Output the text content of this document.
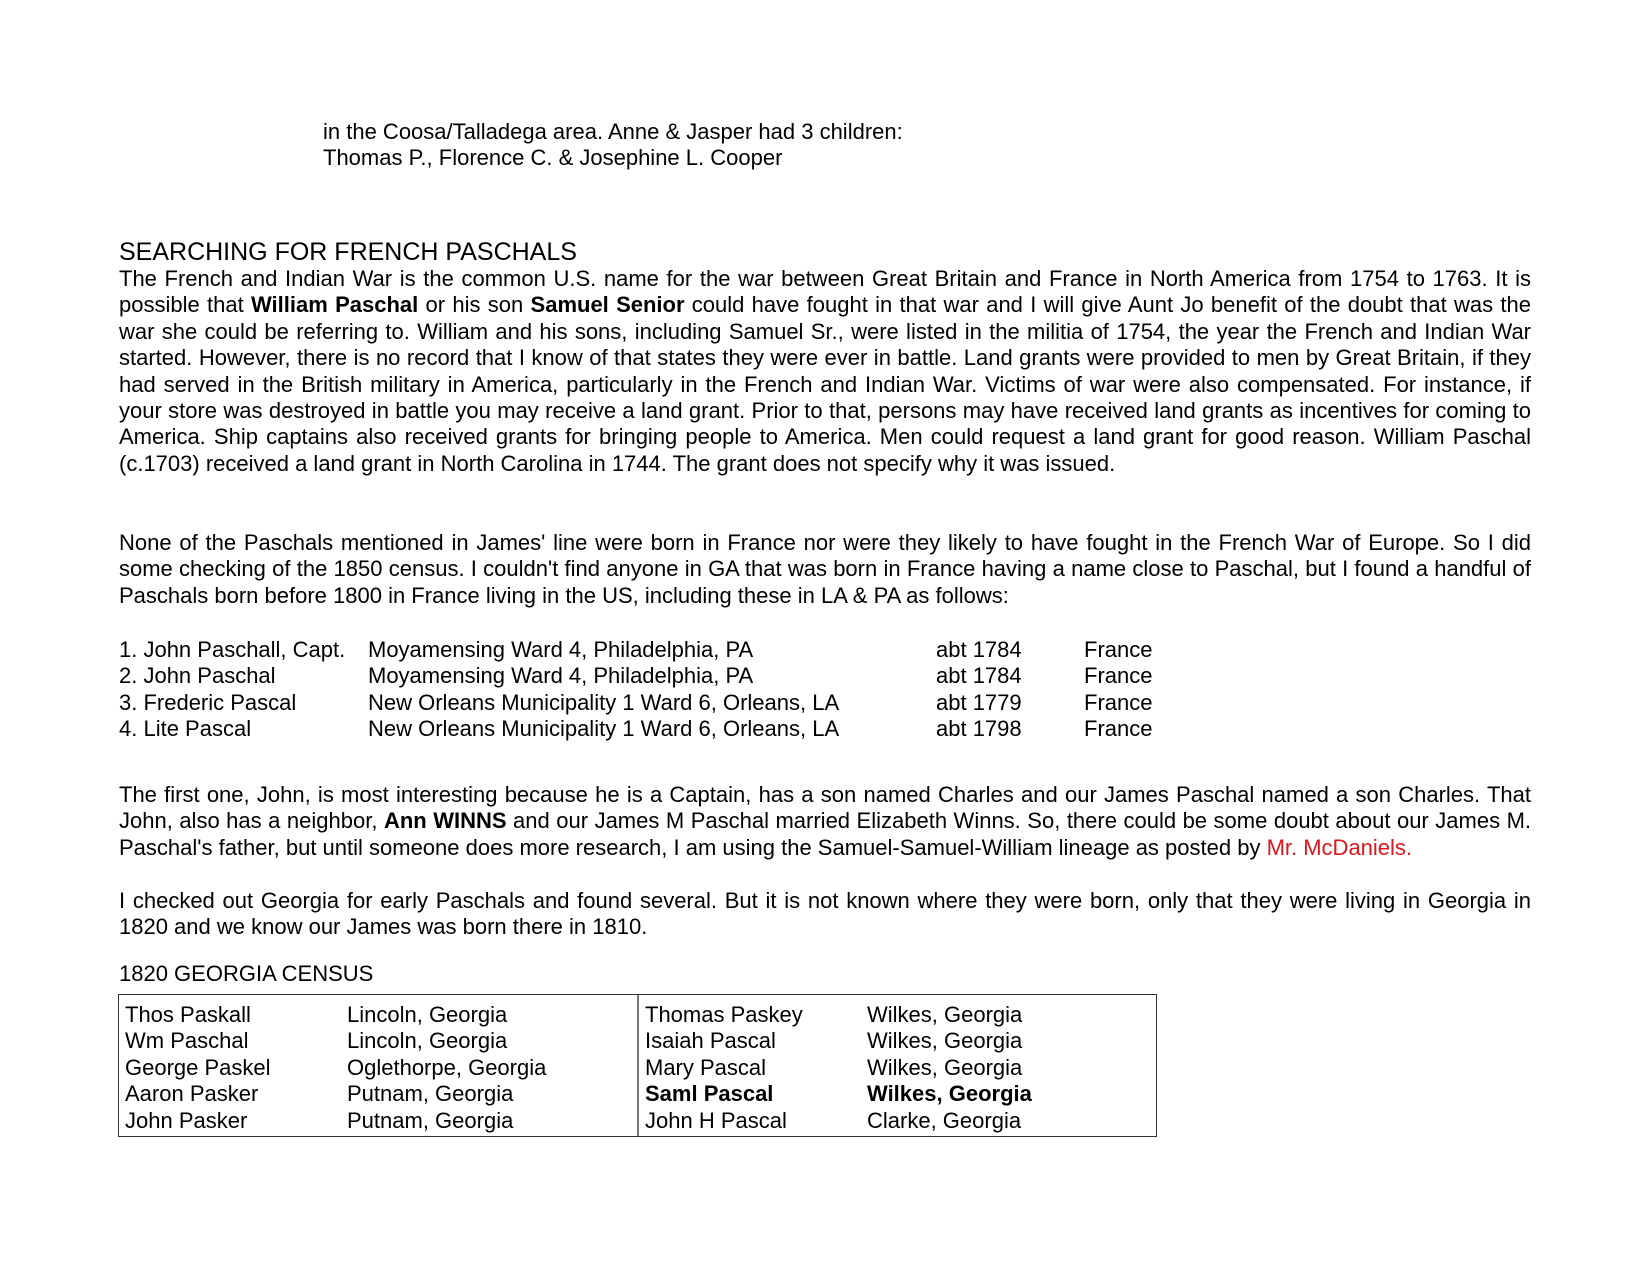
in the Coosa/Talladega area. Anne & Jasper had 3 children:
Thomas P., Florence C. & Josephine L. Cooper
SEARCHING FOR FRENCH PASCHALS
The French and Indian War is the common U.S. name for the war between Great Britain and France in North America from 1754 to 1763. It is possible that William Paschal or his son Samuel Senior could have fought in that war and I will give Aunt Jo benefit of the doubt that was the war she could be referring to. William and his sons, including Samuel Sr., were listed in the militia of 1754, the year the French and Indian War started. However, there is no record that I know of that states they were ever in battle. Land grants were provided to men by Great Britain, if they had served in the British military in America, particularly in the French and Indian War. Victims of war were also compensated. For instance, if your store was destroyed in battle you may receive a land grant. Prior to that, persons may have received land grants as incentives for coming to America. Ship captains also received grants for bringing people to America. Men could request a land grant for good reason. William Paschal (c.1703) received a land grant in North Carolina in 1744. The grant does not specify why it was issued.
None of the Paschals mentioned in James' line were born in France nor were they likely to have fought in the French War of Europe. So I did some checking of the 1850 census. I couldn't find anyone in GA that was born in France having a name close to Paschal, but I found a handful of Paschals born before 1800 in France living in the US, including these in LA & PA as follows:
1. John Paschall, Capt.	Moyamensing Ward 4, Philadelphia, PA	abt 1784	France
2. John Paschal	Moyamensing Ward 4, Philadelphia, PA	abt 1784	France
3. Frederic Pascal	New Orleans Municipality 1 Ward 6, Orleans, LA	abt 1779	France
4. Lite Pascal	New Orleans Municipality 1 Ward 6, Orleans, LA	abt 1798	France
The first one, John, is most interesting because he is a Captain, has a son named Charles and our James Paschal named a son Charles. That John, also has a neighbor, Ann WINNS and our James M Paschal married Elizabeth Winns. So, there could be some doubt about our James M. Paschal's father, but until someone does more research, I am using the Samuel-Samuel-William lineage as posted by Mr. McDaniels.
I checked out Georgia for early Paschals and found several. But it is not known where they were born, only that they were living in Georgia in 1820 and we know our James was born there in 1810.
1820 GEORGIA CENSUS
Thos Paskall	Lincoln, Georgia
Wm Paschal	Lincoln, Georgia
George Paskel	Oglethorpe, Georgia
Aaron Pasker	Putnam, Georgia
John Pasker	Putnam, Georgia
Thomas Paskey	Wilkes, Georgia
Isaiah Pascal	Wilkes, Georgia
Mary Pascal	Wilkes, Georgia
Saml Pascal	Wilkes, Georgia
John H Pascal	Clarke, Georgia
